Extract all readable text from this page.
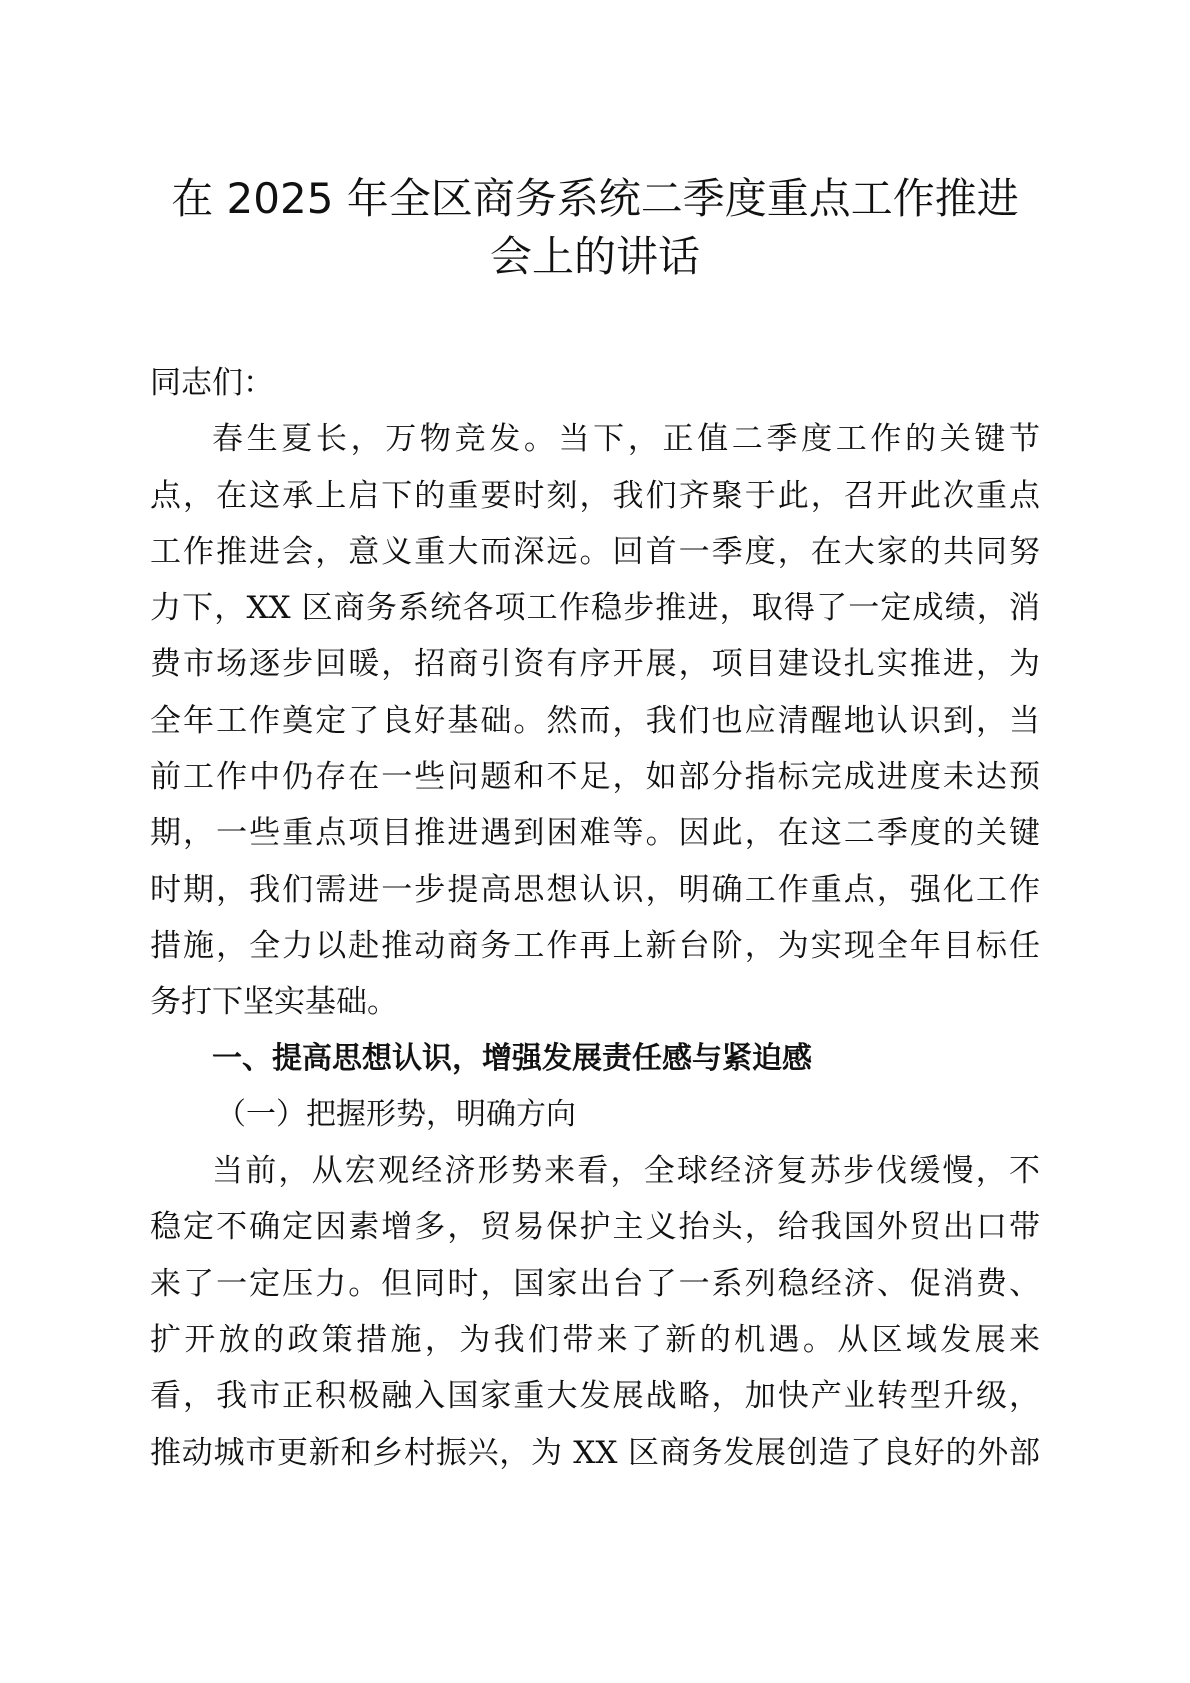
在 2025 年全区商务系统二季度重点工作推进
会上的讲话
同志们：
春生夏长，万物竞发。当下，正值二季度工作的关键节
点，在这承上启下的重要时刻，我们齐聚于此，召开此次重点
工作推进会，意义重大而深远。回首一季度，在大家的共同努
力下，XX 区商务系统各项工作稳步推进，取得了一定成绩，消
费市场逐步回暖，招商引资有序开展，项目建设扎实推进，为
全年工作奠定了良好基础。然而，我们也应清醒地认识到，当
前工作中仍存在一些问题和不足，如部分指标完成进度未达预
期，一些重点项目推进遇到困难等。因此，在这二季度的关键
时期，我们需进一步提高思想认识，明确工作重点，强化工作
措施，全力以赴推动商务工作再上新台阶，为实现全年目标任
务打下坚实基础。
一、提高思想认识，增强发展责任感与紧迫感
（一）把握形势，明确方向
当前，从宏观经济形势来看，全球经济复苏步伐缓慢，不
稳定不确定因素增多，贸易保护主义抬头，给我国外贸出口带
来了一定压力。但同时，国家出台了一系列稳经济、促消费、
扩开放的政策措施，为我们带来了新的机遇。从区域发展来
看，我市正积极融入国家重大发展战略，加快产业转型升级，
推动城市更新和乡村振兴，为 XX 区商务发展创造了良好的外部
